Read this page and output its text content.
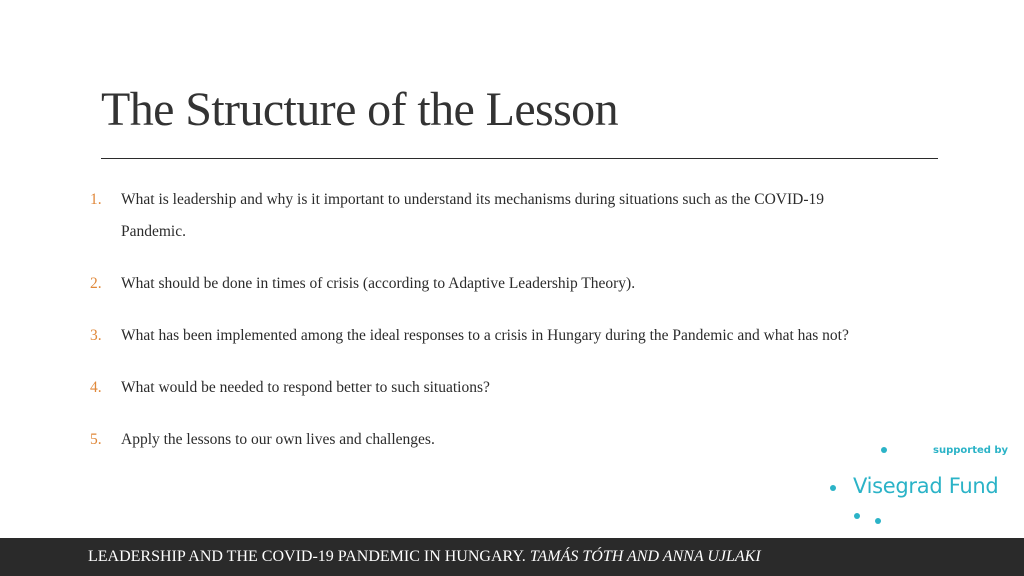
The Structure of the Lesson
1.	What is leadership and why is it important to understand its mechanisms during situations such as the COVID-19
Pandemic.
2.	What should be done in times of crisis (according to Adaptive Leadership Theory).
3.	What has been implemented among the ideal responses to a crisis in Hungary during the Pandemic and what has not?
4.	What would be needed to respond better to such situations?
5.	Apply the lessons to our own lives and challenges.
supported by
Visegrad Fund
LEADERSHIP AND THE COVID-19 PANDEMIC IN HUNGARY. TAMÁS TÓTH AND ANNA UJLAKI
